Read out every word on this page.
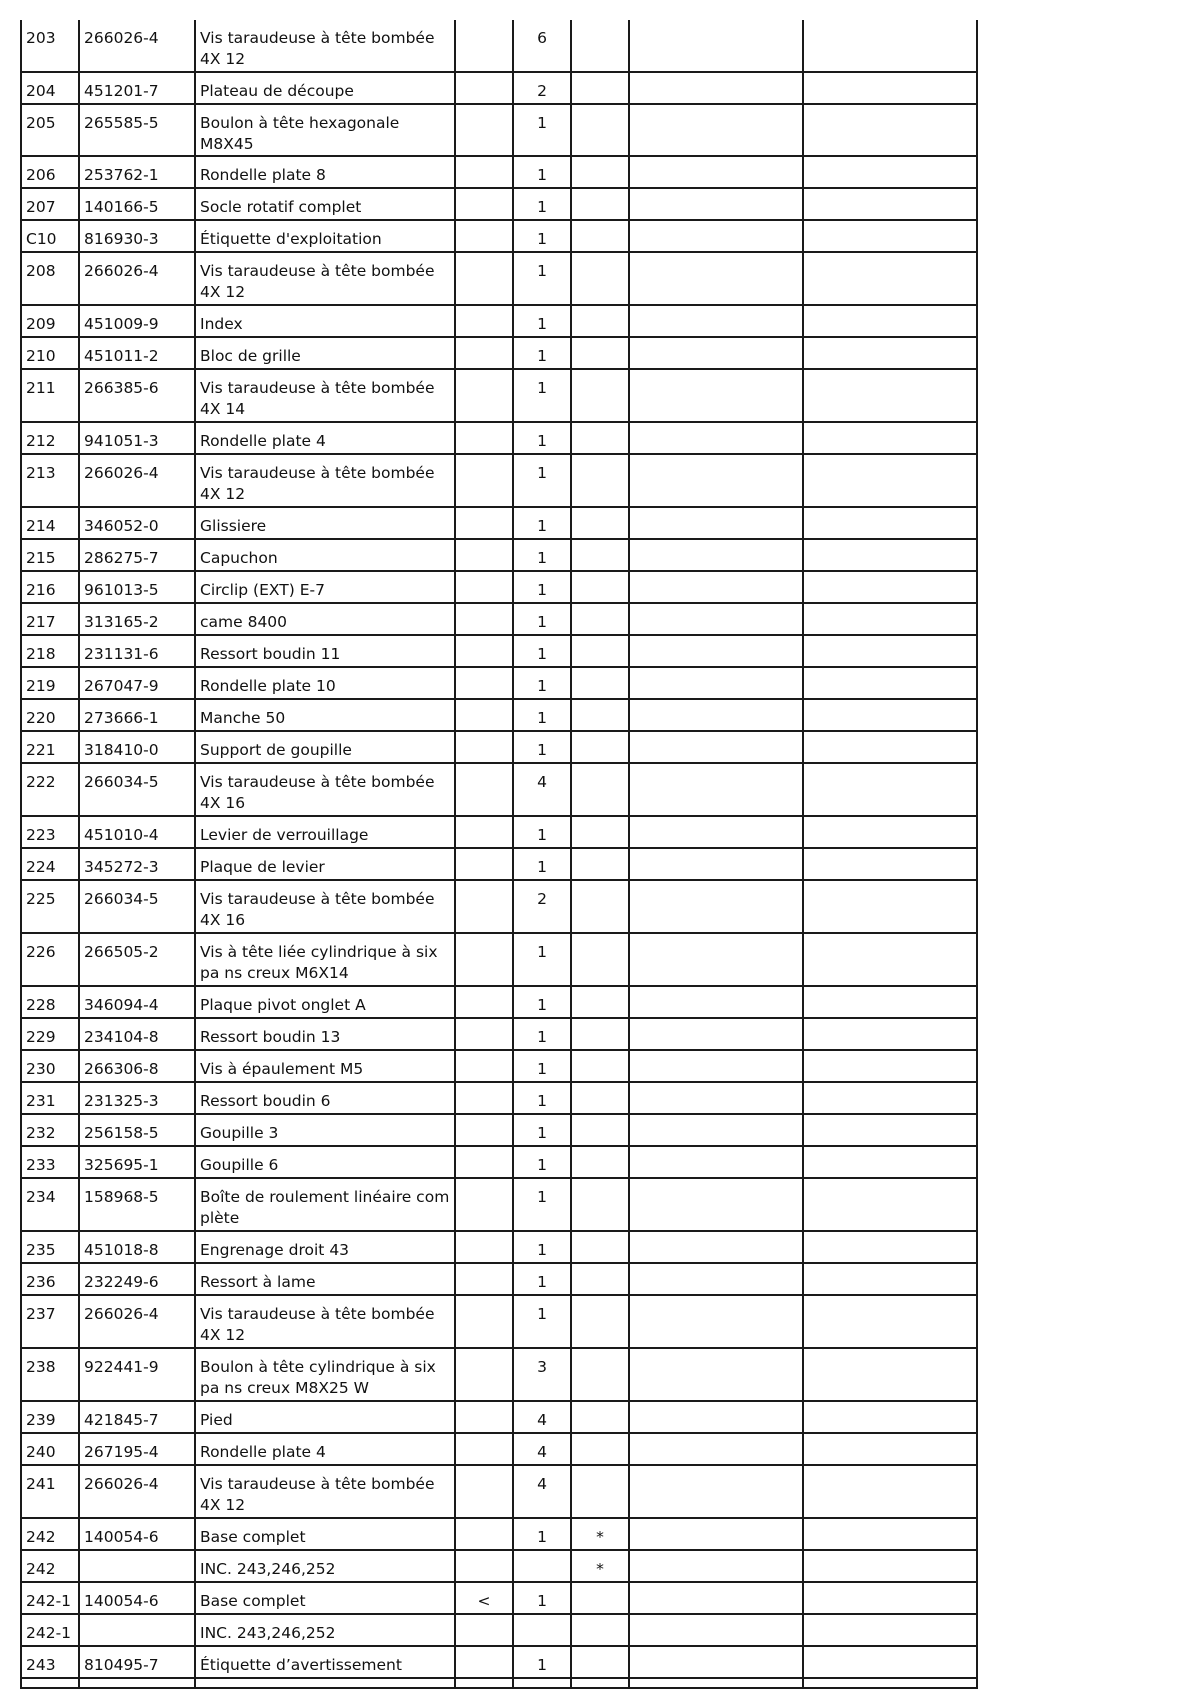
203	266026-4	Vis taraudeuse à tête bombée 4X 12		6			
204	451201-7	Plateau de découpe		2			
205	265585-5	Boulon à tête hexagonale M8X45		1			
206	253762-1	Rondelle plate 8		1			
207	140166-5	Socle rotatif complet		1			
C10	816930-3	Étiquette d'exploitation		1			
208	266026-4	Vis taraudeuse à tête bombée 4X 12		1			
209	451009-9	Index		1			
210	451011-2	Bloc de grille		1			
211	266385-6	Vis taraudeuse à tête bombée 4X 14		1			
212	941051-3	Rondelle plate 4		1			
213	266026-4	Vis taraudeuse à tête bombée 4X 12		1			
214	346052-0	Glissiere		1			
215	286275-7	Capuchon		1			
216	961013-5	Circlip (EXT) E-7		1			
217	313165-2	came 8400		1			
218	231131-6	Ressort boudin 11		1			
219	267047-9	Rondelle plate 10		1			
220	273666-1	Manche 50		1			
221	318410-0	Support de goupille		1			
222	266034-5	Vis taraudeuse à tête bombée 4X 16		4			
223	451010-4	Levier de verrouillage		1			
224	345272-3	Plaque de levier		1			
225	266034-5	Vis taraudeuse à tête bombée 4X 16		2			
226	266505-2	Vis à tête liée cylindrique à six pa ns creux M6X14		1			
228	346094-4	Plaque pivot onglet A		1			
229	234104-8	Ressort boudin 13		1			
230	266306-8	Vis à épaulement M5		1			
231	231325-3	Ressort boudin 6		1			
232	256158-5	Goupille 3		1			
233	325695-1	Goupille 6		1			
234	158968-5	Boîte de roulement linéaire com plète		1			
235	451018-8	Engrenage droit 43		1			
236	232249-6	Ressort à lame		1			
237	266026-4	Vis taraudeuse à tête bombée 4X 12		1			
238	922441-9	Boulon à tête cylindrique à six pa ns creux M8X25 W		3			
239	421845-7	Pied		4			
240	267195-4	Rondelle plate 4		4			
241	266026-4	Vis taraudeuse à tête bombée 4X 12		4			
242	140054-6	Base complet		1	*		
242		INC. 243,246,252			*		
242-1	140054-6	Base complet	<	1			
242-1		INC. 243,246,252					
243	810495-7	Étiquette d’avertissement		1			
